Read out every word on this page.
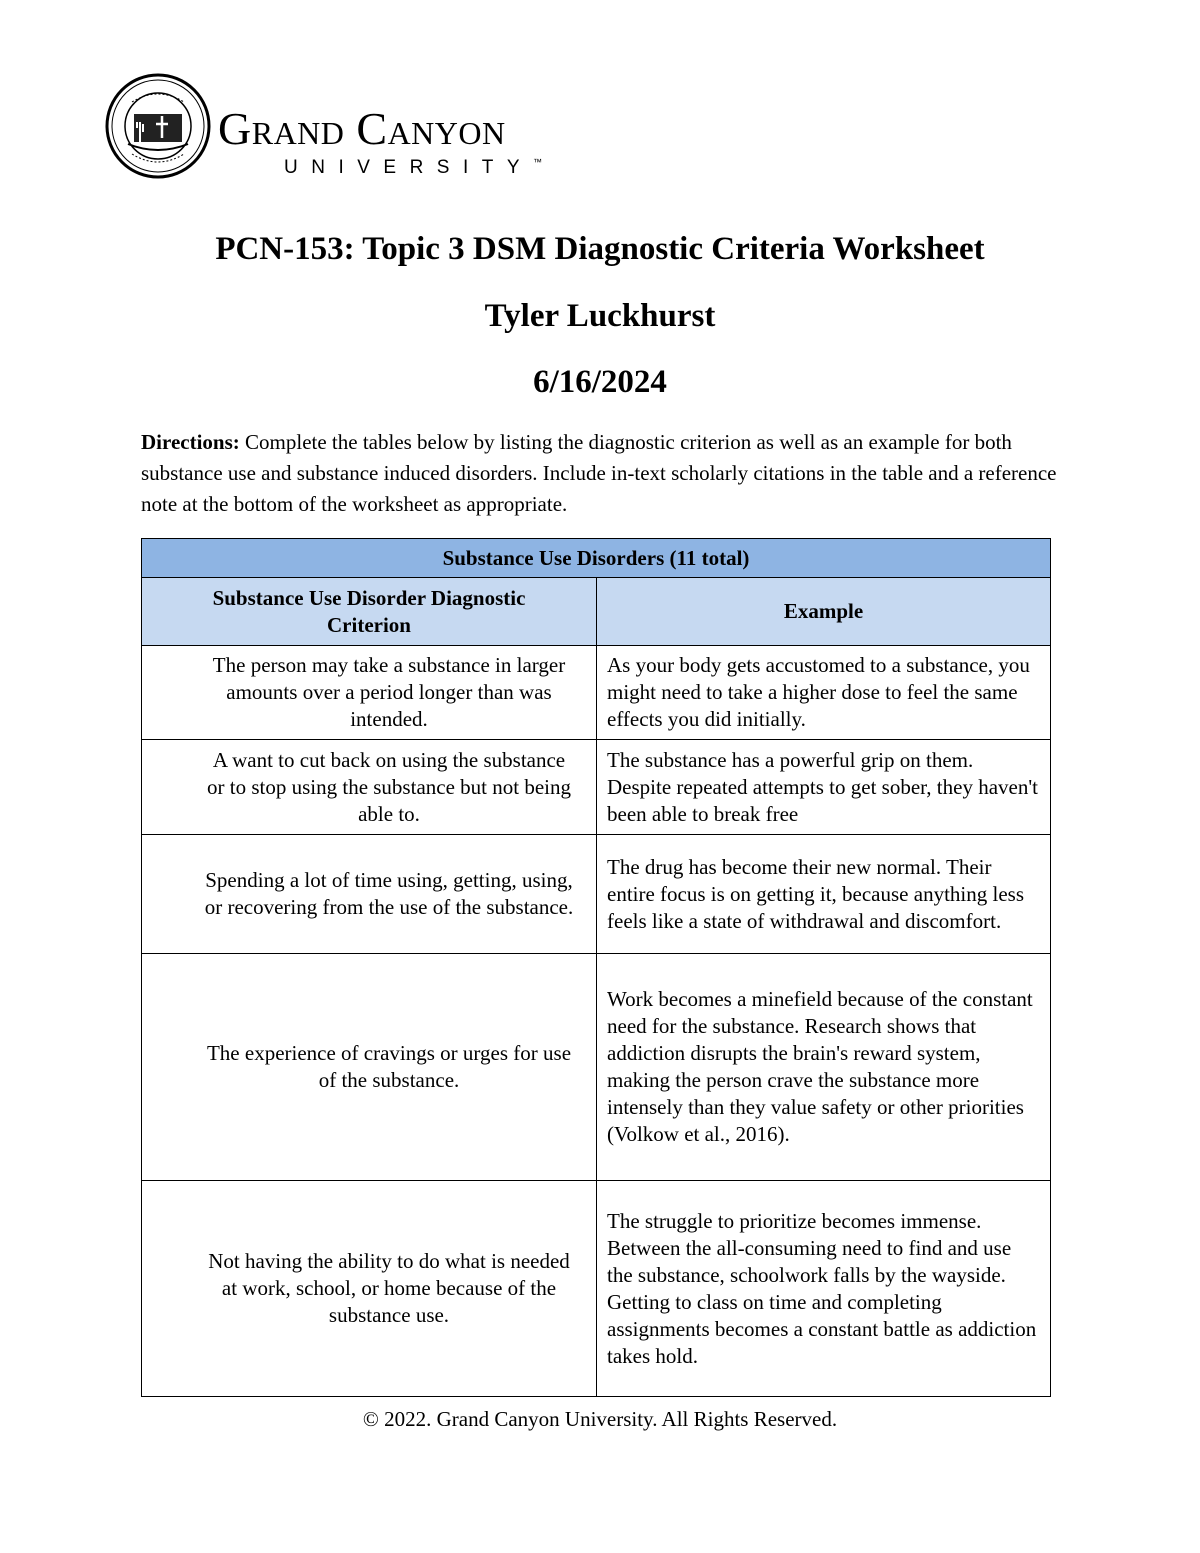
Grand Canyon
UNIVERSITY™
PCN-153: Topic 3 DSM Diagnostic Criteria Worksheet
Tyler Luckhurst
6/16/2024
Directions: Complete the tables below by listing the diagnostic criterion as well as an example for both substance use and substance induced disorders. Include in-text scholarly citations in the table and a reference note at the bottom of the worksheet as appropriate.
Substance Use Disorders (11 total)	
Substance Use Disorder Diagnostic Criterion	Example
The person may take a substance in larger amounts over a period longer than was intended.	As your body gets accustomed to a substance, you might need to take a higher dose to feel the same effects you did initially.
A want to cut back on using the substance or to stop using the substance but not being able to.	The substance has a powerful grip on them. Despite repeated attempts to get sober, they haven't been able to break free
Spending a lot of time using, getting, using, or recovering from the use of the substance.	The drug has become their new normal. Their entire focus is on getting it, because anything less feels like a state of withdrawal and discomfort.
The experience of cravings or urges for use of the substance.	Work becomes a minefield because of the constant need for the substance. Research shows that addiction disrupts the brain's reward system, making the person crave the substance more intensely than they value safety or other priorities (Volkow et al., 2016).
Not having the ability to do what is needed at work, school, or home because of the substance use.	The struggle to prioritize becomes immense. Between the all-consuming need to find and use the substance, schoolwork falls by the wayside. Getting to class on time and completing assignments becomes a constant battle as addiction takes hold.
© 2022. Grand Canyon University. All Rights Reserved.
